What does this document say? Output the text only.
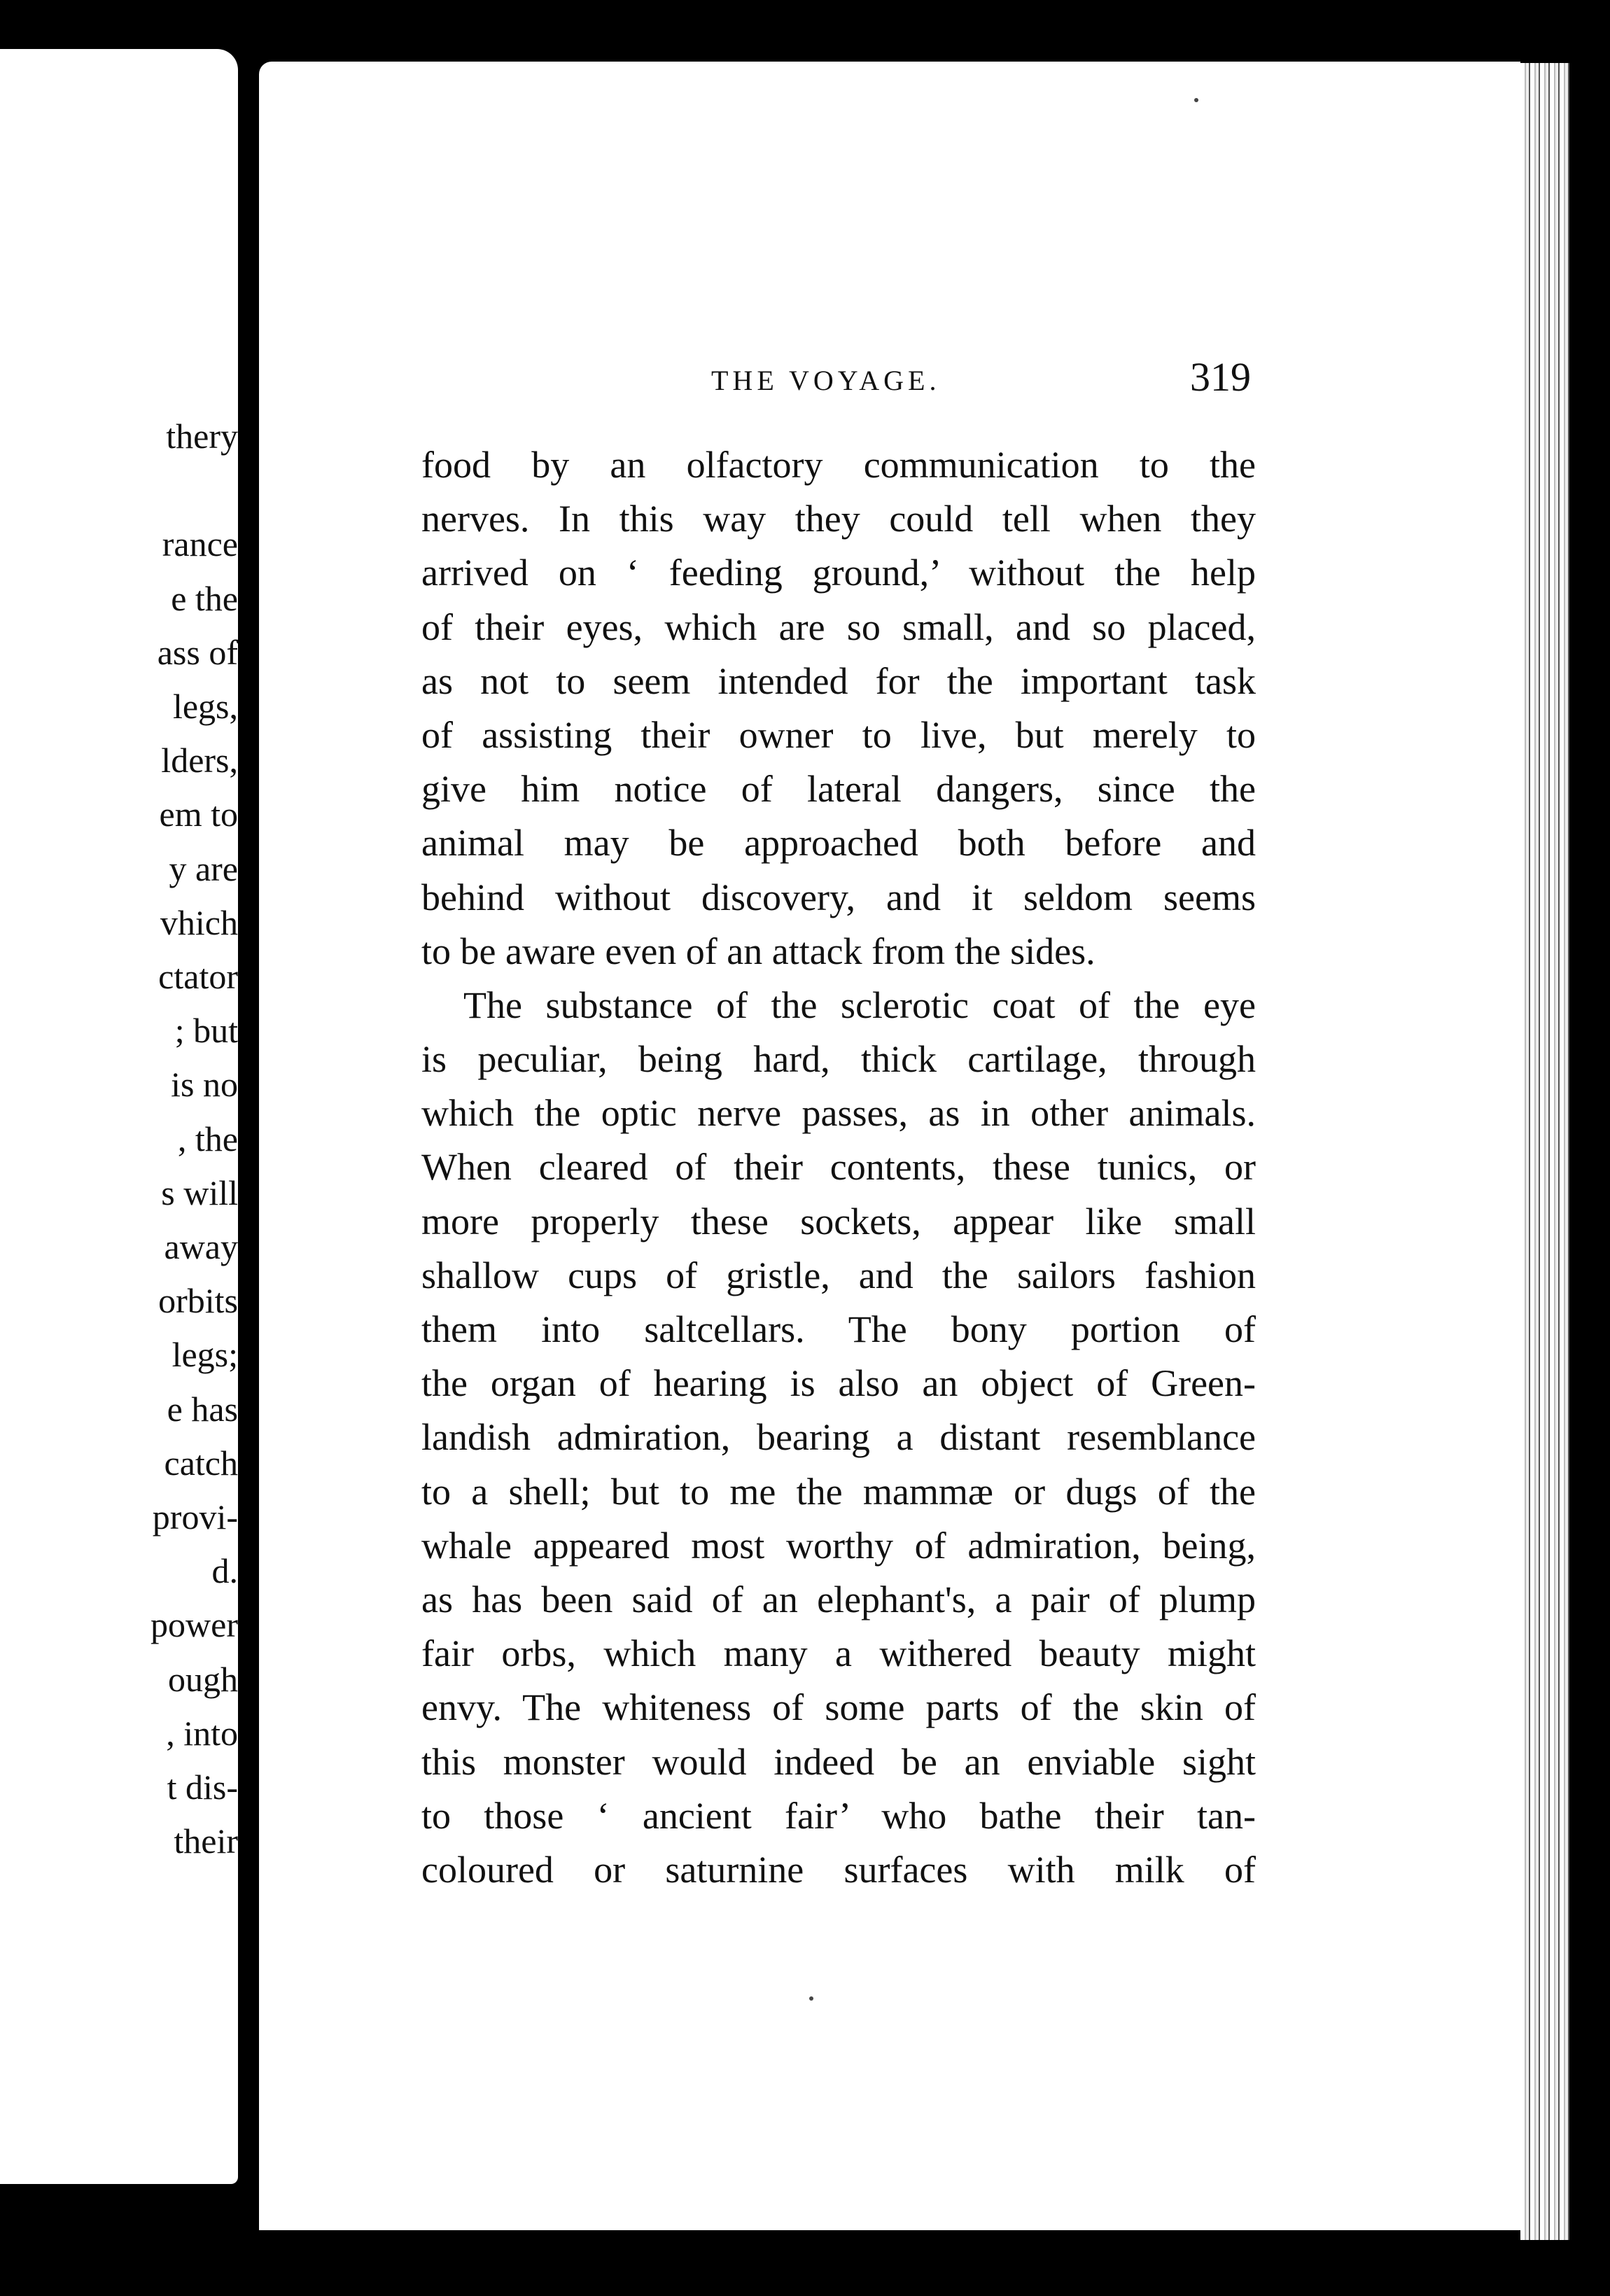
thery
rance
e the
ass of
legs,
lders,
em to
y are
vhich
ctator
; but
is no
, the
s will
away
orbits
legs;
e has
catch
provi-
d.
power
ough
, into
t dis-
their
THE VOYAGE.	319
food by an olfactory communication to the
nerves. In this way they could tell when they
arrived on ‘ feeding ground,’ without the help
of their eyes, which are so small, and so placed,
as not to seem intended for the important task
of assisting their owner to live, but merely to
give him notice of lateral dangers, since the
animal may be approached both before and
behind without discovery, and it seldom seems
to be aware even of an attack from the sides.
The substance of the sclerotic coat of the eye
is peculiar, being hard, thick cartilage, through
which the optic nerve passes, as in other animals.
When cleared of their contents, these tunics, or
more properly these sockets, appear like small
shallow cups of gristle, and the sailors fashion
them into saltcellars. The bony portion of
the organ of hearing is also an object of Green-
landish admiration, bearing a distant resemblance
to a shell; but to me the mammæ or dugs of the
whale appeared most worthy of admiration, being,
as has been said of an elephant's, a pair of plump
fair orbs, which many a withered beauty might
envy. The whiteness of some parts of the skin of
this monster would indeed be an enviable sight
to those ‘ ancient fair’ who bathe their tan-
coloured or saturnine surfaces with milk of
